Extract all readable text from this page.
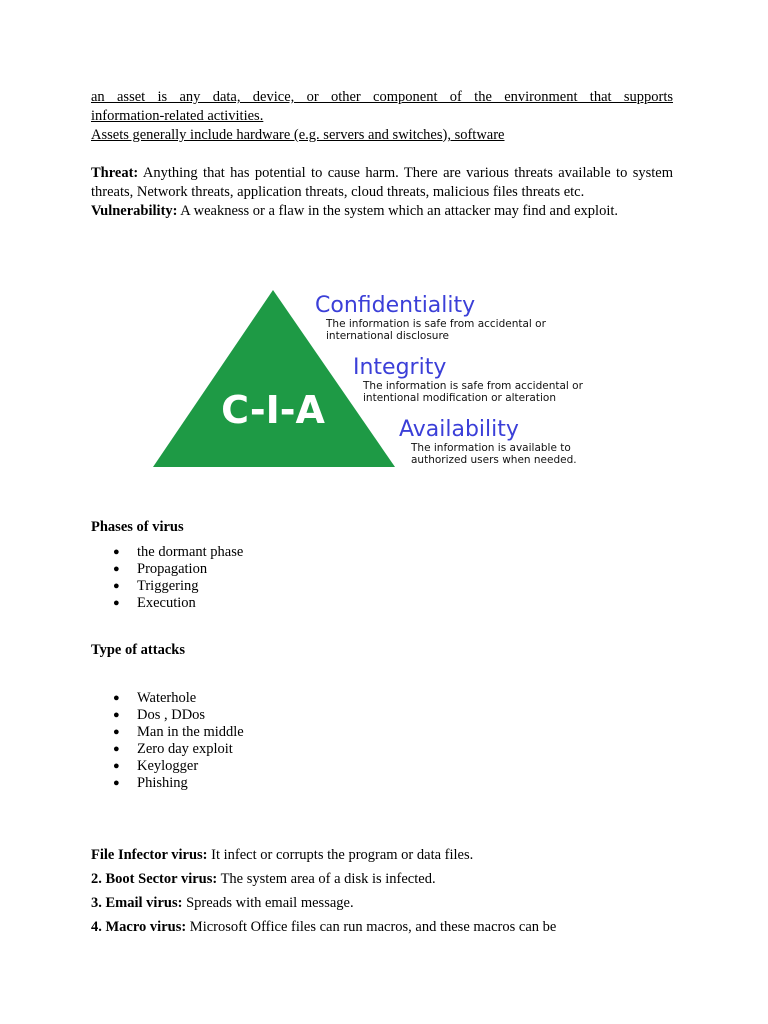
an asset is any data, device, or other component of the environment that supports
information-related activities.
Assets generally include hardware (e.g. servers and switches), software
Threat: Anything that has potential to cause harm. There are various threats available to system threats, Network threats, application threats, cloud threats, malicious files threats etc.
Vulnerability: A weakness or a flaw in the system which an attacker may find and exploit.
C-I-A
Confidentiality
The information is safe from accidental or
international disclosure
Integrity
The information is safe from accidental or
intentional modification or alteration
Availability
The information is available to
authorized users when needed.
Phases of virus
●	the dormant phase
●	Propagation
●	Triggering
●	Execution
Type of attacks
●	Waterhole
●	Dos , DDos
●	Man in the middle
●	Zero day exploit
●	Keylogger
●	Phishing
File Infector virus: It infect or corrupts the program or data files.
2. Boot Sector virus: The system area of a disk is infected.
3. Email virus: Spreads with email message.
4. Macro virus: Microsoft Office files can run macros, and these macros can be
